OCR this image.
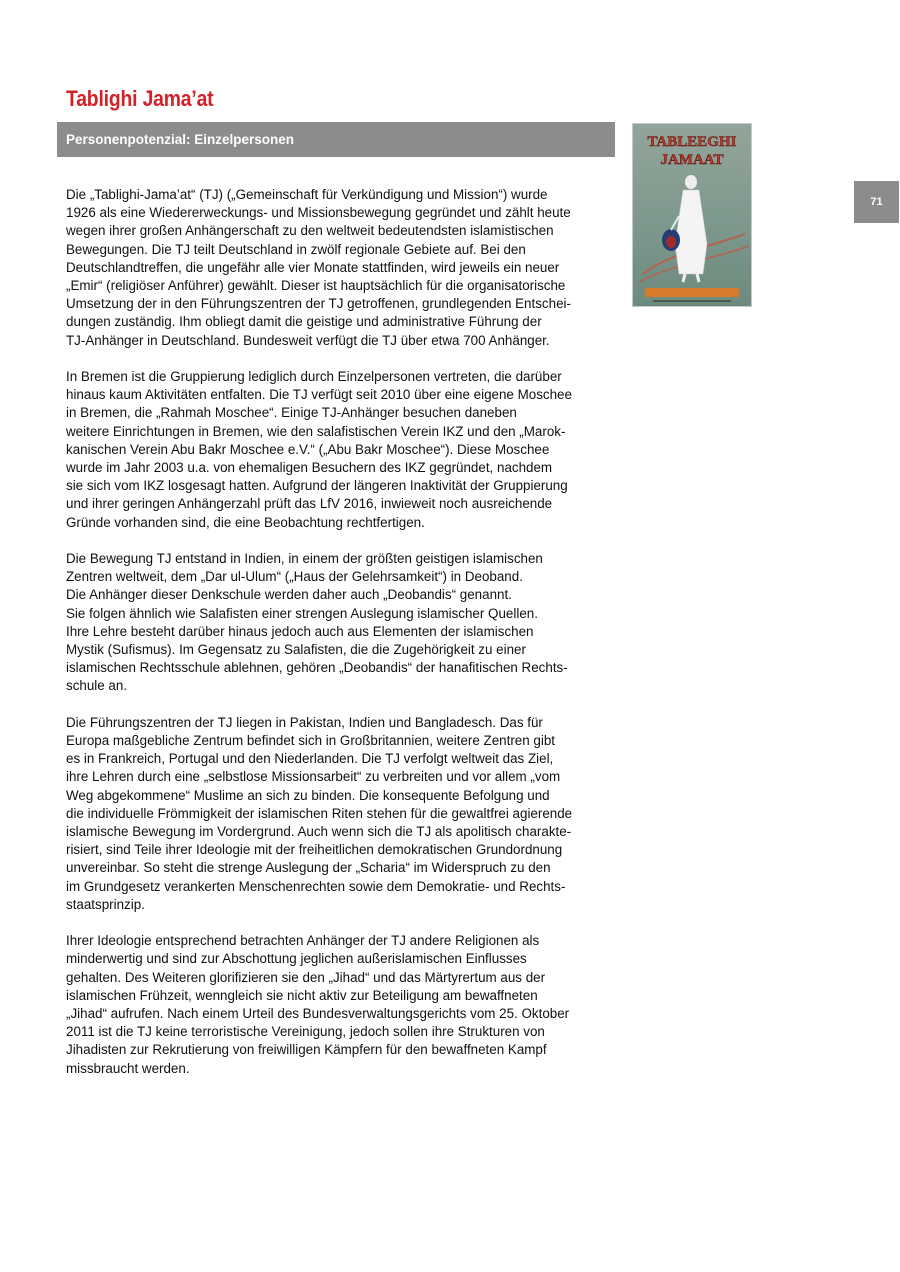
Tablighi Jama’at
Personenpotenzial: Einzelpersonen	TABLEEGHI
JAMAAT
71

Die „Tablighi-Jama’at“ (TJ) („Gemeinschaft für Verkündigung und Mission“) wurde
1926 als eine Wiedererweckungs- und Missionsbewegung gegründet und zählt heute
wegen ihrer großen Anhängerschaft zu den weltweit bedeutendsten islamistischen
Bewegungen. Die TJ teilt Deutschland in zwölf regionale Gebiete auf. Bei den
Deutschlandtreffen, die ungefähr alle vier Monate stattfinden, wird jeweils ein neuer
„Emir“ (religiöser Anführer) gewählt. Dieser ist hauptsächlich für die organisatorische
Umsetzung der in den Führungszentren der TJ getroffenen, grundlegenden Entschei-
dungen zuständig. Ihm obliegt damit die geistige und administrative Führung der
TJ-Anhänger in Deutschland. Bundesweit verfügt die TJ über etwa 700 Anhänger.

In Bremen ist die Gruppierung lediglich durch Einzelpersonen vertreten, die darüber
hinaus kaum Aktivitäten entfalten. Die TJ verfügt seit 2010 über eine eigene Moschee
in Bremen, die „Rahmah Moschee“. Einige TJ-Anhänger besuchen daneben
weitere Einrichtungen in Bremen, wie den salafistischen Verein IKZ und den „Marok-
kanischen Verein Abu Bakr Moschee e.V.“ („Abu Bakr Moschee“). Diese Moschee
wurde im Jahr 2003 u.a. von ehemaligen Besuchern des IKZ gegründet, nachdem
sie sich vom IKZ losgesagt hatten. Aufgrund der längeren Inaktivität der Gruppierung
und ihrer geringen Anhängerzahl prüft das LfV 2016, inwieweit noch ausreichende
Gründe vorhanden sind, die eine Beobachtung rechtfertigen.

Die Bewegung TJ entstand in Indien, in einem der größten geistigen islamischen
Zentren weltweit, dem „Dar ul-Ulum“ („Haus der Gelehrsamkeit“) in Deoband.
Die Anhänger dieser Denkschule werden daher auch „Deobandis“ genannt.
Sie folgen ähnlich wie Salafisten einer strengen Auslegung islamischer Quellen.
Ihre Lehre besteht darüber hinaus jedoch auch aus Elementen der islamischen
Mystik (Sufismus). Im Gegensatz zu Salafisten, die die Zugehörigkeit zu einer
islamischen Rechtsschule ablehnen, gehören „Deobandis“ der hanafitischen Rechts-
schule an.

Die Führungszentren der TJ liegen in Pakistan, Indien und Bangladesch. Das für
Europa maßgebliche Zentrum befindet sich in Großbritannien, weitere Zentren gibt
es in Frankreich, Portugal und den Niederlanden. Die TJ verfolgt weltweit das Ziel,
ihre Lehren durch eine „selbstlose Missionsarbeit“ zu verbreiten und vor allem „vom
Weg abgekommene“ Muslime an sich zu binden. Die konsequente Befolgung und
die individuelle Frömmigkeit der islamischen Riten stehen für die gewaltfrei agierende
islamische Bewegung im Vordergrund. Auch wenn sich die TJ als apolitisch charakte-
risiert, sind Teile ihrer Ideologie mit der freiheitlichen demokratischen Grundordnung
unvereinbar. So steht die strenge Auslegung der „Scharia“ im Widerspruch zu den
im Grundgesetz verankerten Menschenrechten sowie dem Demokratie- und Rechts-
staatsprinzip.

Ihrer Ideologie entsprechend betrachten Anhänger der TJ andere Religionen als
minderwertig und sind zur Abschottung jeglichen außerislamischen Einflusses
gehalten. Des Weiteren glorifizieren sie den „Jihad“ und das Märtyrertum aus der
islamischen Frühzeit, wenngleich sie nicht aktiv zur Beteiligung am bewaffneten
„Jihad“ aufrufen. Nach einem Urteil des Bundesverwaltungsgerichts vom 25. Oktober
2011 ist die TJ keine terroristische Vereinigung, jedoch sollen ihre Strukturen von
Jihadisten zur Rekrutierung von freiwilligen Kämpfern für den bewaffneten Kampf
missbraucht werden.
